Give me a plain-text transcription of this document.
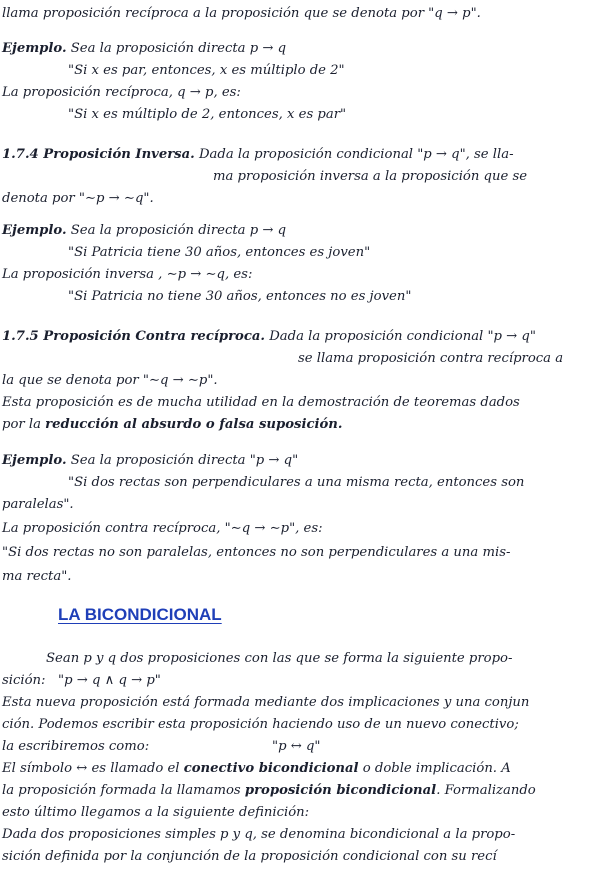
llama proposición recíproca a la proposición que se denota por "q → p".
Ejemplo. Sea la proposición directa p → q
"Si x es par, entonces, x es múltiplo de 2"
La proposición recíproca, q → p, es:
"Si x es múltiplo de 2, entonces, x es par"
1.7.4 Proposición Inversa. Dada la proposición condicional "p → q", se lla-
ma proposición inversa a la proposición que se
denota por "∼p → ∼q".
Ejemplo. Sea la proposición directa p → q
"Si Patricia tiene 30 años, entonces es joven"
La proposición inversa , ∼p → ∼q, es:
"Si Patricia no tiene 30 años, entonces no es joven"
1.7.5 Proposición Contra recíproca. Dada la proposición condicional "p → q"
se llama proposición contra recíproca a
la que se denota por "∼q → ∼p".
Esta proposición es de mucha utilidad en la demostración de teoremas dados
por la reducción al absurdo o falsa suposición.
Ejemplo. Sea la proposición directa "p → q"
"Si dos rectas son perpendiculares a una misma recta, entonces son
paralelas".
La proposición contra recíproca, "∼q → ∼p", es:
"Si dos rectas no son paralelas, entonces no son perpendiculares a una mis-
ma recta".
LA BICONDICIONAL
Sean p y q dos proposiciones con las que se forma la siguiente propo-
sición:   "p → q ∧ q → p"
Esta nueva proposición está formada mediante dos implicaciones y una conjun
ción. Podemos escribir esta proposición haciendo uso de un nuevo conectivo;
la escribiremos como:	"p ↔ q"
El símbolo ↔ es llamado el conectivo bicondicional o doble implicación. A
la proposición formada la llamamos proposición bicondicional. Formalizando
esto último llegamos a la siguiente definición:
Dada dos proposiciones simples p y q, se denomina bicondicional a la propo-
sición definida por la conjunción de la proposición condicional con su recí
